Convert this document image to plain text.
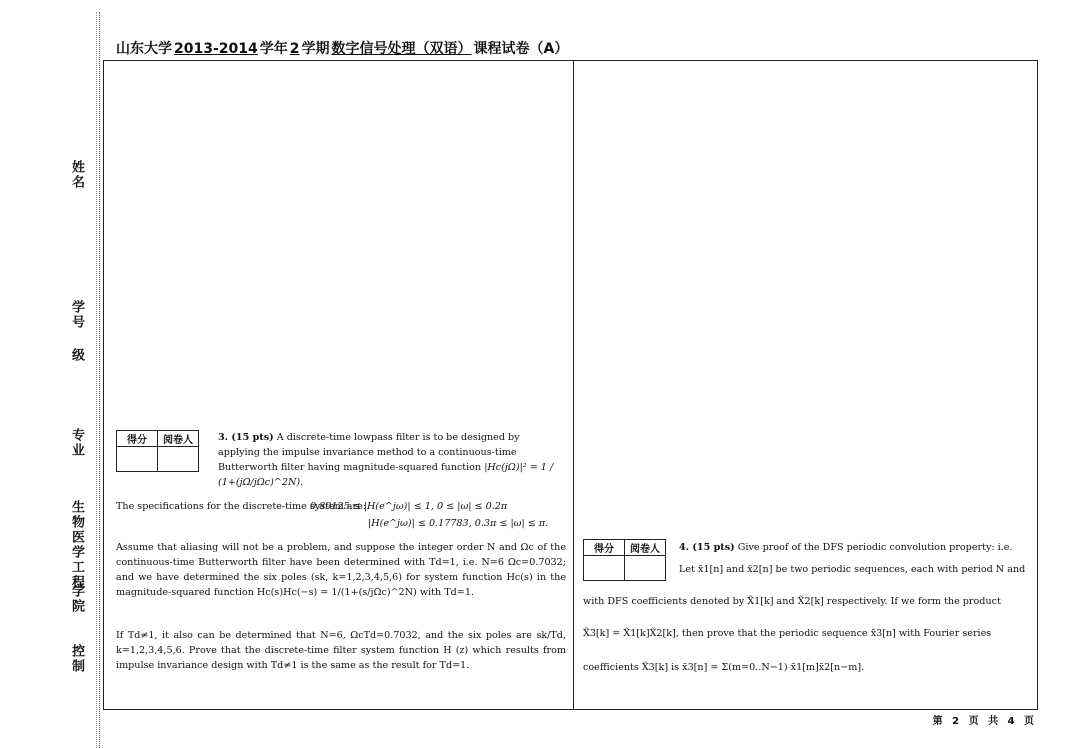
姓名
学号
级
专业
生物医学工程
学院
控制
山东大学 2013-2014 学年 2 学期 数字信号处理（双语） 课程试卷（A）
得分	阅卷人
		3. (15 pts) A discrete-time lowpass filter is to be designed by applying the impulse invariance method to a continuous-time Butterworth filter having magnitude-squared function |Hc(jΩ)|² = 1 / (1+(jΩ/jΩc)^2N).
The specifications for the discrete-time system are:
0.89125 ≤ |H(e^jω)| ≤ 1, 0 ≤ |ω| ≤ 0.2π
|H(e^jω)| ≤ 0.17783, 0.3π ≤ |ω| ≤ π.
Assume that aliasing will not be a problem, and suppose the integer order N and Ωc of the continuous-time Butterworth filter have been determined with Td=1, i.e. N=6 Ωc=0.7032; and we have determined the six poles (sk, k=1,2,3,4,5,6) for system function Hc(s) in the magnitude-squared function Hc(s)Hc(−s) = 1/(1+(s/jΩc)^2N) with Td=1.
If Td≠1, it also can be determined that N=6, ΩcTd=0.7032, and the six poles are sk/Td, k=1,2,3,4,5,6. Prove that the discrete-time filter system function H (z) which results from impulse invariance design with Td≠1 is the same as the result for Td=1.
得分	阅卷人
	4. (15 pts) Give proof of the DFS periodic convolution property: i.e.
Let x̃1[n] and x̃2[n] be two periodic sequences, each with period N and
with DFS coefficients denoted by X̃1[k] and X̃2[k] respectively. If we form the product
X̃3[k] = X̃1[k]X̃2[k], then prove that the periodic sequence x̃3[n] with Fourier series
coefficients X̃3[k] is x̃3[n] = Σ(m=0..N−1) x̃1[m]x̃2[n−m].
第 2 页 共 4 页
